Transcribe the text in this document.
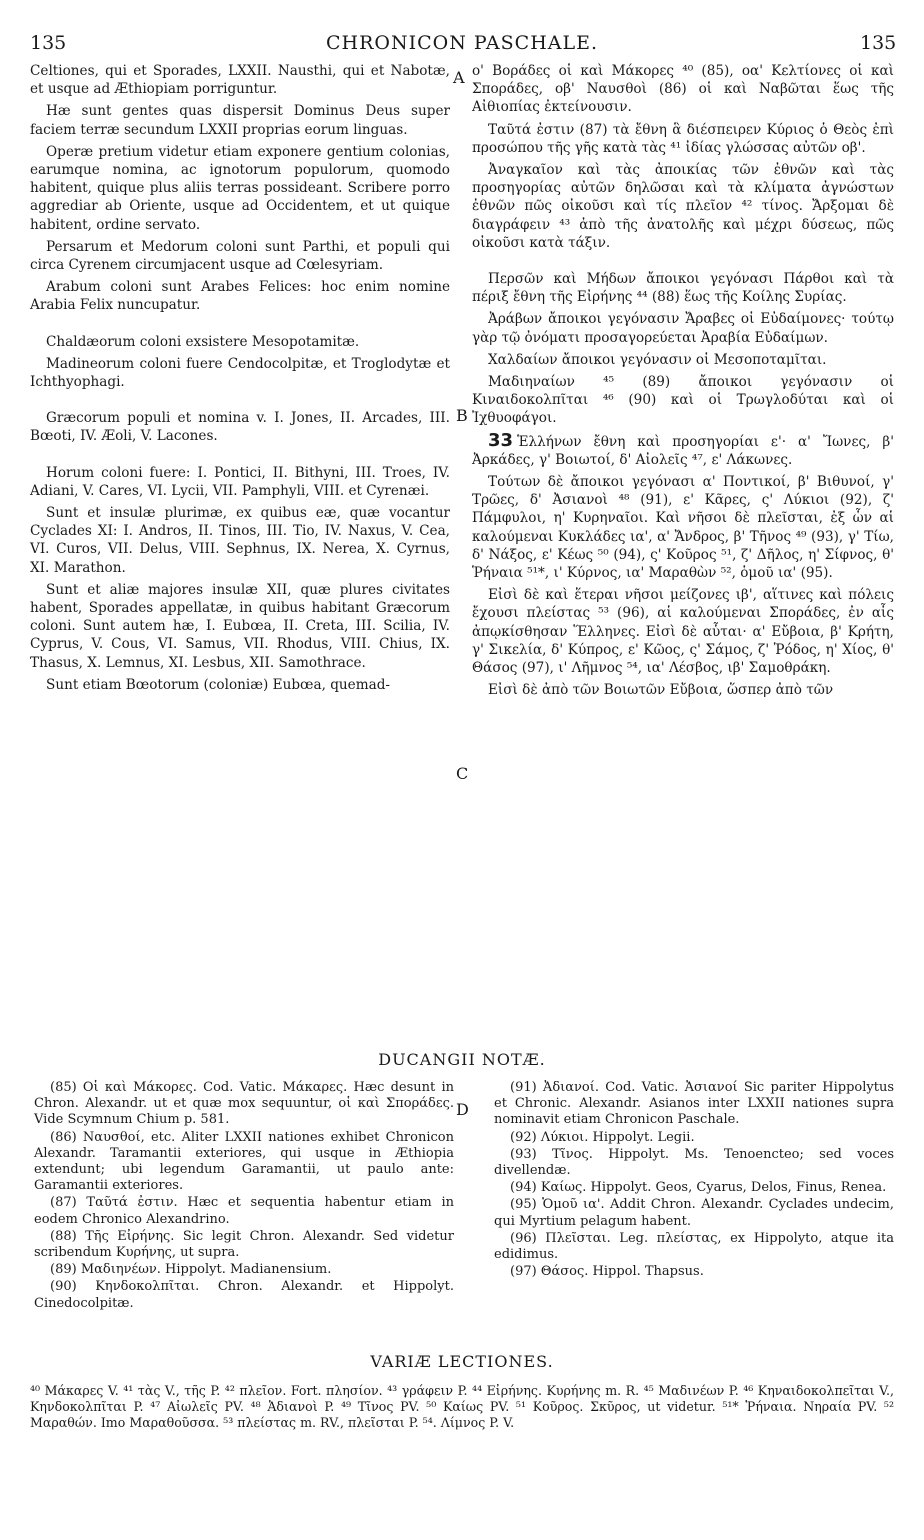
135	CHRONICON PASCHALE.	135
A
B
C
D

Celtiones, qui et Sporades, LXXII. Nausthi, qui et Nabotæ, et usque ad Æthiopiam porriguntur.

Hæ sunt gentes quas dispersit Dominus Deus super faciem terræ secundum LXXII proprias eorum linguas.

Operæ pretium videtur etiam exponere gentium colonias, earumque nomina, ac ignotorum populorum, quomodo habitent, quique plus aliis terras possideant. Scribere porro aggrediar ab Oriente, usque ad Occidentem, et ut quique habitent, ordine servato.

Persarum et Medorum coloni sunt Parthi, et populi qui circa Cyrenem circumjacent usque ad Cœlesyriam.

Arabum coloni sunt Arabes Felices: hoc enim nomine Arabia Felix nuncupatur.

Chaldæorum coloni exsistere Mesopotamitæ.

Madineorum coloni fuere Cendocolpitæ, et Troglodytæ et Ichthyophagi.

Græcorum populi et nomina v. I. Jones, II. Arcades, III. Bœoti, IV. Æoli, V. Lacones.

Horum coloni fuere: I. Pontici, II. Bithyni, III. Troes, IV. Adiani, V. Cares, VI. Lycii, VII. Pamphyli, VIII. et Cyrenæi.

Sunt et insulæ plurimæ, ex quibus eæ, quæ vocantur Cyclades XI: I. Andros, II. Tinos, III. Tio, IV. Naxus, V. Cea, VI. Curos, VII. Delus, VIII. Sephnus, IX. Nerea, X. Cyrnus, XI. Marathon.

Sunt et aliæ majores insulæ XII, quæ plures civitates habent, Sporades appellatæ, in quibus habitant Græcorum coloni. Sunt autem hæ, I. Eubœa, II. Creta, III. Scilia, IV. Cyprus, V. Cous, VI. Samus, VII. Rhodus, VIII. Chius, IX. Thasus, X. Lemnus, XI. Lesbus, XII. Samothrace.

Sunt etiam Bœotorum (coloniæ) Eubœa, quemad-

ο' Βοράδες οἱ καὶ Μάκορες ⁴⁰ (85), οα' Κελτίονες οἱ καὶ Σποράδες, οβ' Ναυσθοὶ (86) οἱ καὶ Ναβῶται ἕως τῆς Αἰθιοπίας ἐκτείνουσιν.

Ταῦτά ἐστιν (87) τὰ ἔθνη ἃ διέσπειρεν Κύριος ὁ Θεὸς ἐπὶ προσώπου τῆς γῆς κατὰ τὰς ⁴¹ ἰδίας γλώσσας αὐτῶν οβ'.

Ἀναγκαῖον καὶ τὰς ἀποικίας τῶν ἐθνῶν καὶ τὰς προσηγορίας αὐτῶν δηλῶσαι καὶ τὰ κλίματα ἀγνώστων ἐθνῶν πῶς οἰκοῦσι καὶ τίς πλεῖον ⁴² τίνος. Ἄρξομαι δὲ διαγράφειν ⁴³ ἀπὸ τῆς ἀνατολῆς καὶ μέχρι δύσεως, πῶς οἰκοῦσι κατὰ τάξιν.

Περσῶν καὶ Μήδων ἄποικοι γεγόνασι Πάρθοι καὶ τὰ πέριξ ἔθνη τῆς Εἰρήνης ⁴⁴ (88) ἕως τῆς Κοίλης Συρίας.

Ἀράβων ἄποικοι γεγόνασιν Ἄραβες οἱ Εὐδαίμονες· τούτῳ γὰρ τῷ ὀνόματι προσαγορεύεται Ἀραβία Εὐδαίμων.

Χαλδαίων ἄποικοι γεγόνασιν οἱ Μεσοποταμῖται.

Μαδιηναίων ⁴⁵ (89) ἄποικοι γεγόνασιν οἱ Κιναιδοκολπῖται ⁴⁶ (90) καὶ οἱ Τρωγλοδύται καὶ οἱ Ἰχθυοφάγοι.

33 Ἑλλήνων ἔθνη καὶ προσηγορίαι ε'· α' Ἴωνες, β' Ἀρκάδες, γ' Βοιωτοί, δ' Αἰολεῖς ⁴⁷, ε' Λάκωνες.

Τούτων δὲ ἄποικοι γεγόνασι α' Ποντικοί, β' Βιθυνοί, γ' Τρῶες, δ' Ἀσιανοὶ ⁴⁸ (91), ε' Κᾶρες, ς' Λύκιοι (92), ζ' Πάμφυλοι, η' Κυρηναῖοι. Καὶ νῆσοι δὲ πλεῖσται, ἐξ ὧν αἱ καλούμεναι Κυκλάδες ια', α' Ἄνδρος, β' Τῆνος ⁴⁹ (93), γ' Τίω, δ' Νάξος, ε' Κέως ⁵⁰ (94), ς' Κοῦρος ⁵¹, ζ' Δῆλος, η' Σίφνος, θ' Ῥήναια ⁵¹*, ι' Κύρνος, ια' Μαραθὼν ⁵², ὁμοῦ ια' (95).

Εἰσὶ δὲ καὶ ἕτεραι νῆσοι μείζονες ιβ', αἵτινες καὶ πόλεις ἔχουσι πλείστας ⁵³ (96), αἱ καλούμεναι Σποράδες, ἐν αἷς ἀπῳκίσθησαν Ἕλληνες. Εἰσὶ δὲ αὗται· α' Εὔβοια, β' Κρήτη, γ' Σικελία, δ' Κύπρος, ε' Κῶος, ς' Σάμος, ζ' Ῥόδος, η' Χίος, θ' Θάσος (97), ι' Λῆμνος ⁵⁴, ια' Λέσβος, ιβ' Σαμοθράκη.

Εἰσὶ δὲ ἀπὸ τῶν Βοιωτῶν Εὔβοια, ὥσπερ ἀπὸ τῶν

DUCANGII NOTÆ.

(85) Οἱ καὶ Μάκορες. Cod. Vatic. Μάκαρες. Hæc desunt in Chron. Alexandr. ut et quæ mox sequuntur, οἱ καὶ Σποράδες. Vide Scymnum Chium p. 581.

(86) Ναυσθοί, etc. Aliter LXXII nationes exhibet Chronicon Alexandr. Taramantii exteriores, qui usque in Æthiopia extendunt; ubi legendum Garamantii, ut paulo ante: Garamantii exteriores.

(87) Ταῦτά ἐστιν. Hæc et sequentia habentur etiam in eodem Chronico Alexandrino.

(88) Τῆς Εἰρήνης. Sic legit Chron. Alexandr. Sed videtur scribendum Κυρήνης, ut supra.

(89) Μαδιηνέων. Hippolyt. Madianensium.

(90) Κηνδοκολπῖται. Chron. Alexandr. et Hippolyt. Cinedocolpitæ.

(91) Ἀδιανοί. Cod. Vatic. Ἀσιανοί Sic pariter Hippolytus et Chronic. Alexandr. Asianos inter LXXII nationes supra nominavit etiam Chronicon Paschale.

(92) Λύκιοι. Hippolyt. Legii.

(93) Τῖνος. Hippolyt. Ms. Tenoencteo; sed voces divellendæ.

(94) Καίως. Hippolyt. Geos, Cyarus, Delos, Finus, Renea.

(95) Ὁμοῦ ια'. Addit Chron. Alexandr. Cyclades undecim, qui Myrtium pelagum habent.

(96) Πλεῖσται. Leg. πλείστας, ex Hippolyto, atque ita edidimus.

(97) Θάσος. Hippol. Thapsus.

VARIÆ LECTIONES.
⁴⁰ Μάκαρες V. ⁴¹ τὰς V., τῆς P. ⁴² πλεῖον. Fort. πλησίον. ⁴³ γράφειν P. ⁴⁴ Εἰρήνης. Κυρήνης m. R. ⁴⁵ Μαδινέων P. ⁴⁶ Κηναιδοκολπεῖται V., Κηνδοκολπῖται P. ⁴⁷ Αἰωλεῖς PV. ⁴⁸ Ἀδιανοὶ P. ⁴⁹ Τῖνος PV. ⁵⁰ Καίως PV. ⁵¹ Κοῦρος. Σκῦρος, ut videtur. ⁵¹* Ῥήναια. Νηραία PV. ⁵² Μαραθών. Imo Μαραθοῦσσα. ⁵³ πλείστας m. RV., πλεῖσται P. ⁵⁴. Λίμνος P. V.
